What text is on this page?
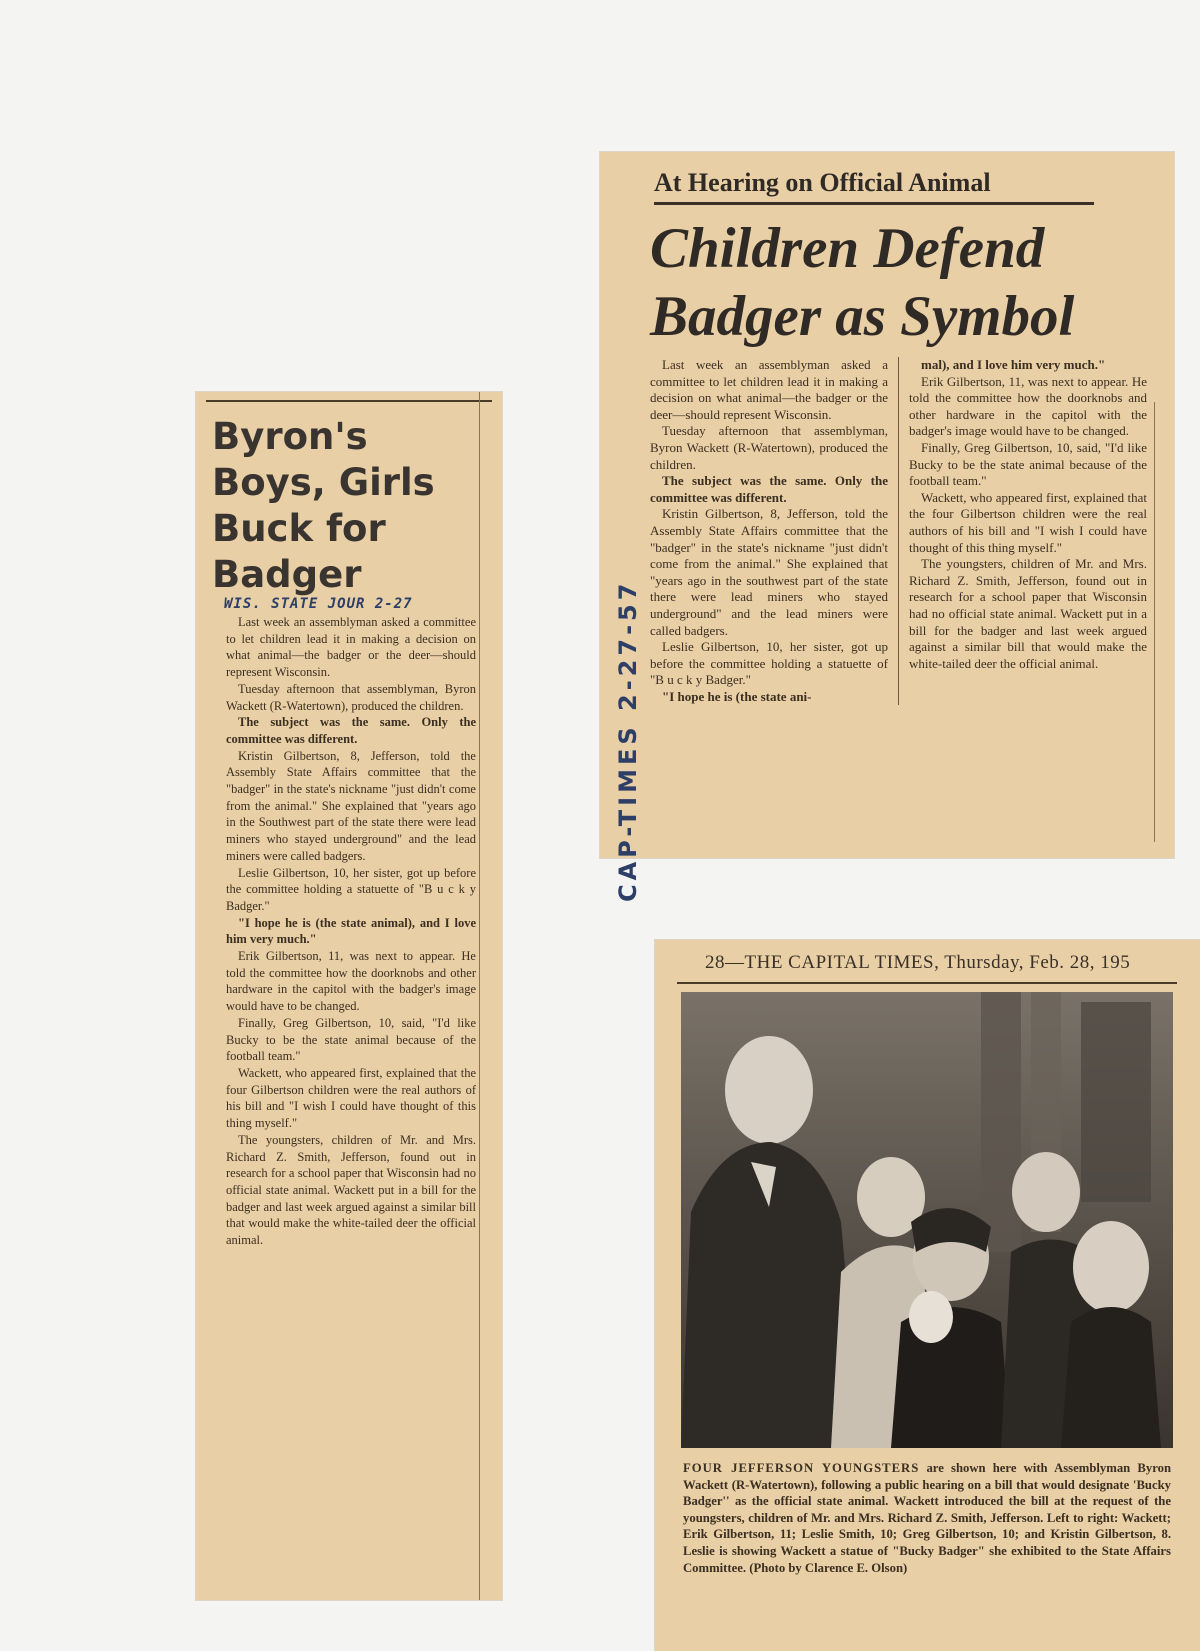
Byron's Boys, Girls Buck for Badger
WIS. STATE JOUR 2-27

Last week an assemblyman asked a committee to let children lead it in making a decision on what animal—the badger or the deer—should represent Wisconsin.

Tuesday afternoon that assemblyman, Byron Wackett (R-Watertown), produced the children.

The subject was the same. Only the committee was different.

Kristin Gilbertson, 8, Jefferson, told the Assembly State Affairs committee that the "badger" in the state's nickname "just didn't come from the animal." She explained that "years ago in the Southwest part of the state there were lead miners who stayed underground" and the lead miners were called badgers.

Leslie Gilbertson, 10, her sister, got up before the committee holding a statuette of "B u c k y Badger."

"I hope he is (the state animal), and I love him very much."

Erik Gilbertson, 11, was next to appear. He told the committee how the doorknobs and other hardware in the capitol with the badger's image would have to be changed.

Finally, Greg Gilbertson, 10, said, "I'd like Bucky to be the state animal because of the football team."

Wackett, who appeared first, explained that the four Gilbertson children were the real authors of his bill and "I wish I could have thought of this thing myself."

The youngsters, children of Mr. and Mrs. Richard Z. Smith, Jefferson, found out in research for a school paper that Wisconsin had no official state animal. Wackett put in a bill for the badger and last week argued against a similar bill that would make the white-tailed deer the official animal.

At Hearing on Official Animal
Children Defend
Badger as Symbol

Last week an assemblyman asked a committee to let children lead it in making a decision on what animal—the badger or the deer—should represent Wisconsin.

Tuesday afternoon that assemblyman, Byron Wackett (R-Watertown), produced the children.

The subject was the same. Only the committee was different.

Kristin Gilbertson, 8, Jefferson, told the Assembly State Affairs committee that the "badger" in the state's nickname "just didn't come from the animal." She explained that "years ago in the southwest part of the state there were lead miners who stayed underground" and the lead miners were called badgers.

Leslie Gilbertson, 10, her sister, got up before the committee holding a statuette of "B u c k y Badger."

"I hope he is (the state ani-

mal), and I love him very much."

Erik Gilbertson, 11, was next to appear. He told the committee how the doorknobs and other hardware in the capitol with the badger's image would have to be changed.

Finally, Greg Gilbertson, 10, said, "I'd like Bucky to be the state animal because of the football team."

Wackett, who appeared first, explained that the four Gilbertson children were the real authors of his bill and "I wish I could have thought of this thing myself."

The youngsters, children of Mr. and Mrs. Richard Z. Smith, Jefferson, found out in research for a school paper that Wisconsin had no official state animal. Wackett put in a bill for the badger and last week argued against a similar bill that would make the white-tailed deer the official animal.

CAP-TIMES 2-27-57
28—THE CAPITAL TIMES, Thursday, Feb. 28, 195
FOUR JEFFERSON YOUNGSTERS are shown here with Assemblyman Byron Wackett (R-Watertown), following a public hearing on a bill that would designate 'Bucky Badger'' as the official state animal. Wackett introduced the bill at the request of the youngsters, children of Mr. and Mrs. Richard Z. Smith, Jefferson. Left to right: Wackett; Erik Gilbertson, 11; Leslie Smith, 10; Greg Gilbertson, 10; and Kristin Gilbertson, 8. Leslie is showing Wackett a statue of "Bucky Badger" she exhibited to the State Affairs Committee. (Photo by Clarence E. Olson)
